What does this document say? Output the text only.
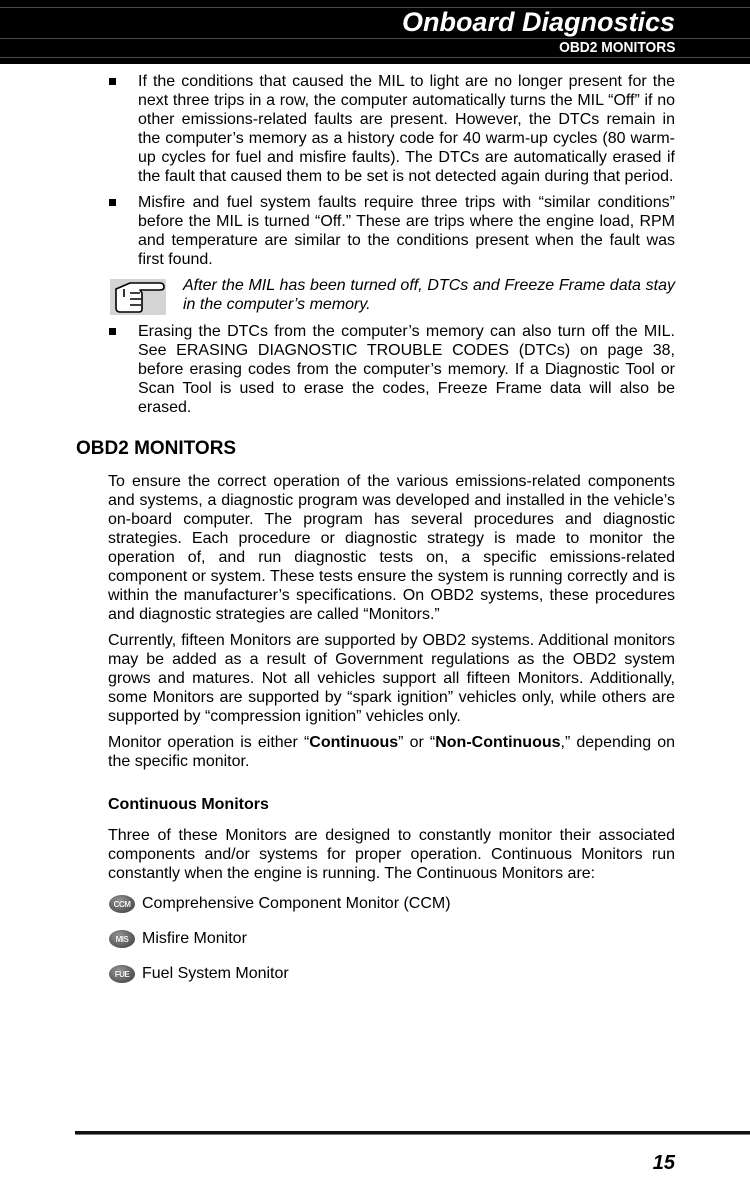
Onboard Diagnostics
OBD2 MONITORS

If the conditions that caused the MIL to light are no longer present for the next three trips in a row, the computer automatically turns the MIL “Off” if no other emissions-related faults are present. However, the DTCs remain in the computer’s memory as a history code for 40 warm-up cycles (80 warm-up cycles for fuel and misfire faults). The DTCs are automatically erased if the fault that caused them to be set is not detected again during that period.

Misfire and fuel system faults require three trips with “similar conditions” before the MIL is turned “Off.” These are trips where the engine load, RPM and temperature are similar to the conditions present when the fault was first found.

After the MIL has been turned off, DTCs and Freeze Frame data stay in the computer’s memory.

Erasing the DTCs from the computer’s memory can also turn off the MIL. See ERASING DIAGNOSTIC TROUBLE CODES (DTCs) on page 38, before erasing codes from the computer’s memory. If a Diagnostic Tool or Scan Tool is used to erase the codes, Freeze Frame data will also be erased.

OBD2 MONITORS

To ensure the correct operation of the various emissions-related components and systems, a diagnostic program was developed and installed in the vehicle’s on-board computer. The program has several procedures and diagnostic strategies. Each procedure or diagnostic strategy is made to monitor the operation of, and run diagnostic tests on, a specific emissions-related component or system. These tests ensure the system is running correctly and is within the manufacturer’s specifications. On OBD2 systems, these procedures and diagnostic strategies are called “Monitors.”

Currently, fifteen Monitors are supported by OBD2 systems. Additional monitors may be added as a result of Government regulations as the OBD2 system grows and matures. Not all vehicles support all fifteen Monitors. Additionally, some Monitors are supported by “spark ignition” vehicles only, while others are supported by “compression ignition” vehicles only.

Monitor operation is either “Continuous” or “Non-Continuous,” depending on the specific monitor.

Continuous Monitors

Three of these Monitors are designed to constantly monitor their associated components and/or systems for proper operation. Continuous Monitors run constantly when the engine is running. The Continuous Monitors are:

CCM Comprehensive Component Monitor (CCM)
MIS Misfire Monitor
FUE Fuel System Monitor
15
